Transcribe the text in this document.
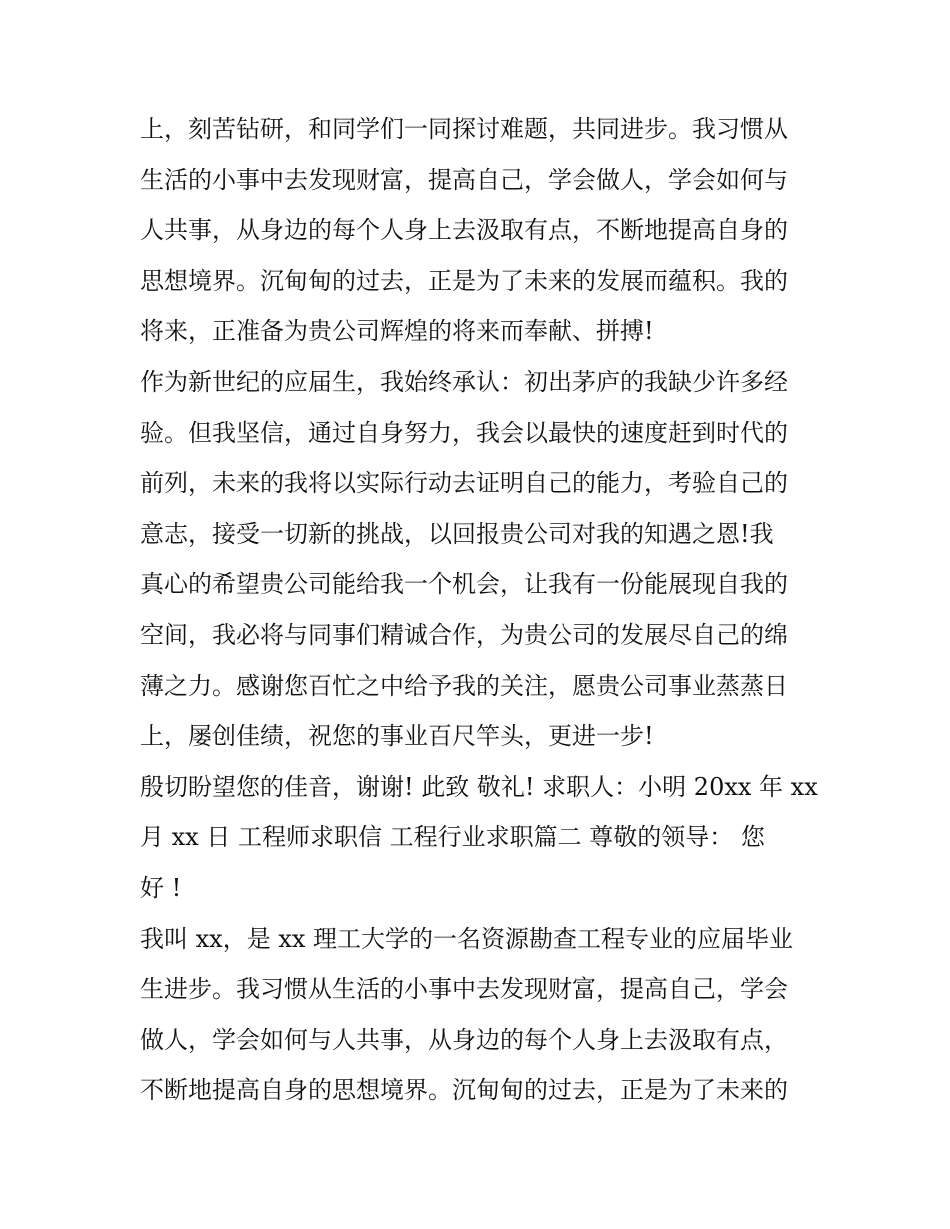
上，刻苦钻研，和同学们一同探讨难题，共同进步。我习惯从
生活的小事中去发现财富，提高自己，学会做人，学会如何与
人共事，从身边的每个人身上去汲取有点，不断地提高自身的
思想境界。沉甸甸的过去，正是为了未来的发展而蕴积。我的
将来，正准备为贵公司辉煌的将来而奉献、拼搏!
作为新世纪的应届生，我始终承认：初出茅庐的我缺少许多经
验。但我坚信，通过自身努力，我会以最快的速度赶到时代的
前列，未来的我将以实际行动去证明自己的能力，考验自己的
意志，接受一切新的挑战，以回报贵公司对我的知遇之恩!我
真心的希望贵公司能给我一个机会，让我有一份能展现自我的
空间，我必将与同事们精诚合作，为贵公司的发展尽自己的绵
薄之力。感谢您百忙之中给予我的关注，愿贵公司事业蒸蒸日
上，屡创佳绩，祝您的事业百尺竿头，更进一步!
殷切盼望您的佳音，谢谢! 此致 敬礼! 求职人：小明 20xx 年 xx
月 xx 日 工程师求职信 工程行业求职篇二 尊敬的领导： 您
好 !
我叫 xx，是 xx 理工大学的一名资源勘查工程专业的应届毕业
生进步。我习惯从生活的小事中去发现财富，提高自己，学会
做人，学会如何与人共事，从身边的每个人身上去汲取有点，
不断地提高自身的思想境界。沉甸甸的过去，正是为了未来的
